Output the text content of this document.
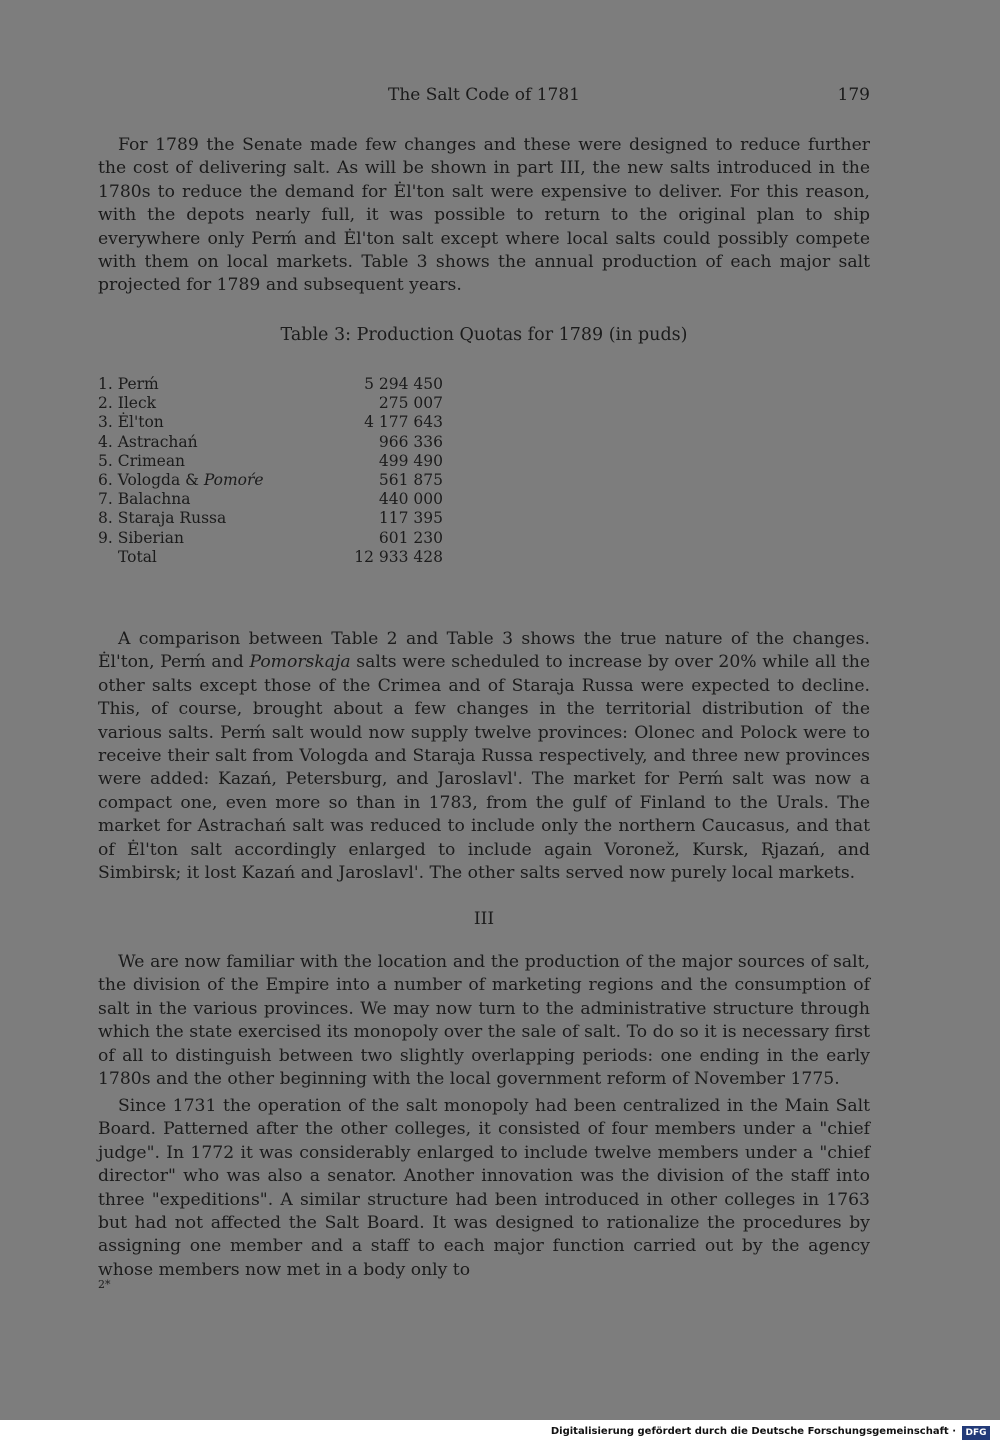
The Salt Code of 1781	179

For 1789 the Senate made few changes and these were designed to reduce further the cost of delivering salt. As will be shown in part III, the new salts introduced in the 1780s to reduce the demand for Ėl'ton salt were expensive to deliver. For this reason, with the depots nearly full, it was possible to return to the original plan to ship everywhere only Perḿ and Ėl'ton salt except where local salts could possibly compete with them on local markets. Table 3 shows the annual production of each major salt projected for 1789 and subsequent years.

Table 3: Production Quotas for 1789 (in puds)
1. Perḿ	5 294 450
2. Ileck	275 007
3. Ėl'ton	4 177 643
4. Astrachań	966 336
5. Crimean	499 490
6. Vologda & Pomoŕe	561 875
7. Balachna	440 000
8. Staraja Russa	117 395
9. Siberian	601 230
Total	12 933 428

A comparison between Table 2 and Table 3 shows the true nature of the changes. Ėl'ton, Perḿ and Pomorskaja salts were scheduled to increase by over 20% while all the other salts except those of the Crimea and of Staraja Russa were expected to decline. This, of course, brought about a few changes in the territorial distribution of the various salts. Perḿ salt would now supply twelve provinces: Olonec and Polock were to receive their salt from Vologda and Staraja Russa respectively, and three new provinces were added: Kazań, Petersburg, and Jaroslavl'. The market for Perḿ salt was now a compact one, even more so than in 1783, from the gulf of Finland to the Urals. The market for Astrachań salt was reduced to include only the northern Caucasus, and that of Ėl'ton salt accordingly enlarged to include again Voronež, Kursk, Rjazań, and Simbirsk; it lost Kazań and Jaroslavl'. The other salts served now purely local markets.

III

We are now familiar with the location and the production of the major sources of salt, the division of the Empire into a number of marketing regions and the consumption of salt in the various provinces. We may now turn to the administrative structure through which the state exercised its monopoly over the sale of salt. To do so it is necessary first of all to distinguish between two slightly overlapping periods: one ending in the early 1780s and the other beginning with the local government reform of November 1775.

Since 1731 the operation of the salt monopoly had been centralized in the Main Salt Board. Patterned after the other colleges, it consisted of four members under a "chief judge". In 1772 it was considerably enlarged to include twelve members under a "chief director" who was also a senator. Another innovation was the division of the staff into three "expeditions". A similar structure had been introduced in other colleges in 1763 but had not affected the Salt Board. It was designed to rationalize the procedures by assigning one member and a staff to each major function carried out by the agency whose members now met in a body only to

2*
Digitalisierung gefördert durch die Deutsche Forschungsgemeinschaft ·	DFG
